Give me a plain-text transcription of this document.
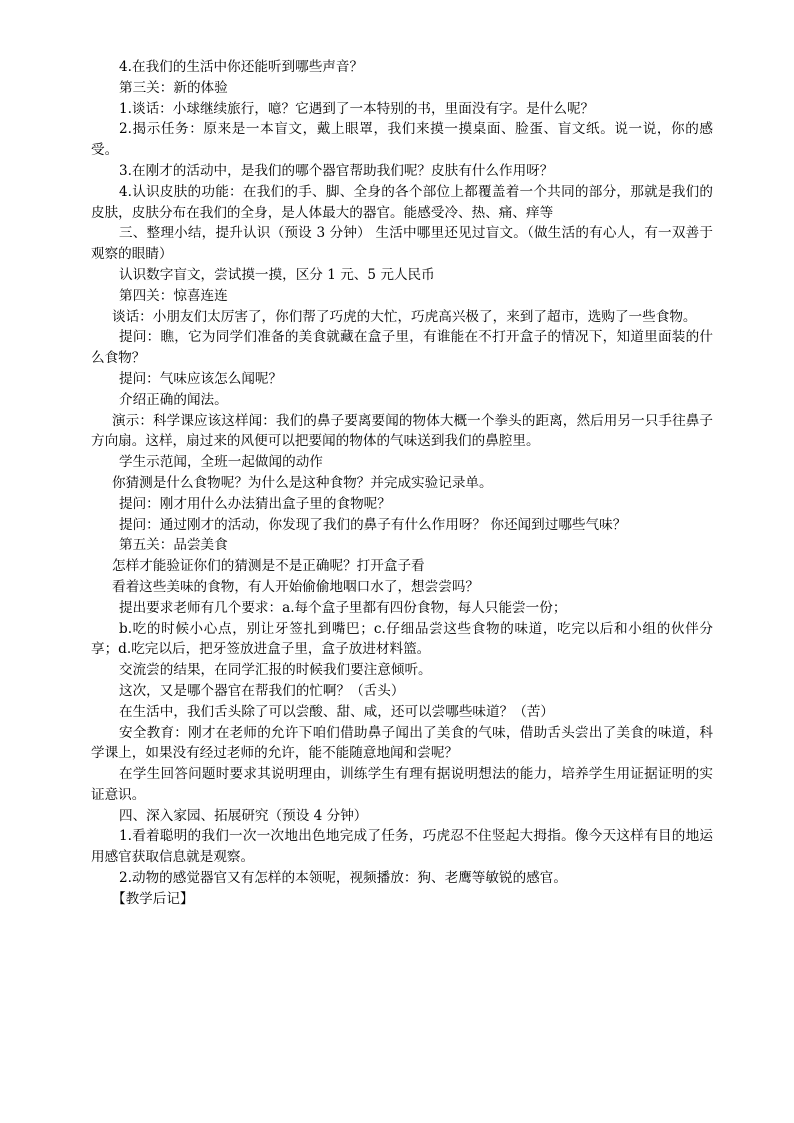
4.在我们的生活中你还能听到哪些声音？

第三关：新的体验

1.谈话：小球继续旅行，噫？它遇到了一本特别的书，里面没有字。是什么呢？

2.揭示任务：原来是一本盲文，戴上眼罩，我们来摸一摸桌面、脸蛋、盲文纸。说一说，你的感受。

3.在刚才的活动中，是我们的哪个器官帮助我们呢？皮肤有什么作用呀？

4.认识皮肤的功能：在我们的手、脚、全身的各个部位上都覆盖着一个共同的部分，那就是我们的皮肤，皮肤分布在我们的全身，是人体最大的器官。能感受冷、热、痛、痒等

三、整理小结，提升认识（预设 3 分钟） 生活中哪里还见过盲文。（做生活的有心人，有一双善于观察的眼睛）

认识数字盲文，尝试摸一摸，区分 1 元、5 元人民币

第四关：惊喜连连

谈话：小朋友们太厉害了，你们帮了巧虎的大忙，巧虎高兴极了，来到了超市，选购了一些食物。

提问：瞧，它为同学们准备的美食就藏在盒子里，有谁能在不打开盒子的情况下，知道里面装的什么食物？

提问：气味应该怎么闻呢？

介绍正确的闻法。

演示：科学课应该这样闻：我们的鼻子要离要闻的物体大概一个拳头的距离，然后用另一只手往鼻子方向扇。这样，扇过来的风便可以把要闻的物体的气味送到我们的鼻腔里。

学生示范闻，全班一起做闻的动作

你猜测是什么食物呢？为什么是这种食物？并完成实验记录单。

提问：刚才用什么办法猜出盒子里的食物呢？

提问：通过刚才的活动，你发现了我们的鼻子有什么作用呀？ 你还闻到过哪些气味？

第五关：品尝美食

怎样才能验证你们的猜测是不是正确呢？打开盒子看

看着这些美味的食物，有人开始偷偷地咽口水了，想尝尝吗？

提出要求老师有几个要求：a.每个盒子里都有四份食物，每人只能尝一份；

b.吃的时候小心点，别让牙签扎到嘴巴；c.仔细品尝这些食物的味道，吃完以后和小组的伙伴分享；d.吃完以后，把牙签放进盒子里，盒子放进材料篮。

交流尝的结果，在同学汇报的时候我们要注意倾听。

这次，又是哪个器官在帮我们的忙啊？（舌头）

在生活中，我们舌头除了可以尝酸、甜、咸，还可以尝哪些味道？（苦）

安全教育：刚才在老师的允许下咱们借助鼻子闻出了美食的气味，借助舌头尝出了美食的味道，科学课上，如果没有经过老师的允许，能不能随意地闻和尝呢？

在学生回答问题时要求其说明理由，训练学生有理有据说明想法的能力，培养学生用证据证明的实证意识。

四、深入家园、拓展研究（预设 4 分钟）

1.看着聪明的我们一次一次地出色地完成了任务，巧虎忍不住竖起大拇指。像今天这样有目的地运用感官获取信息就是观察。

2.动物的感觉器官又有怎样的本领呢，视频播放：狗、老鹰等敏锐的感官。

【教学后记】
